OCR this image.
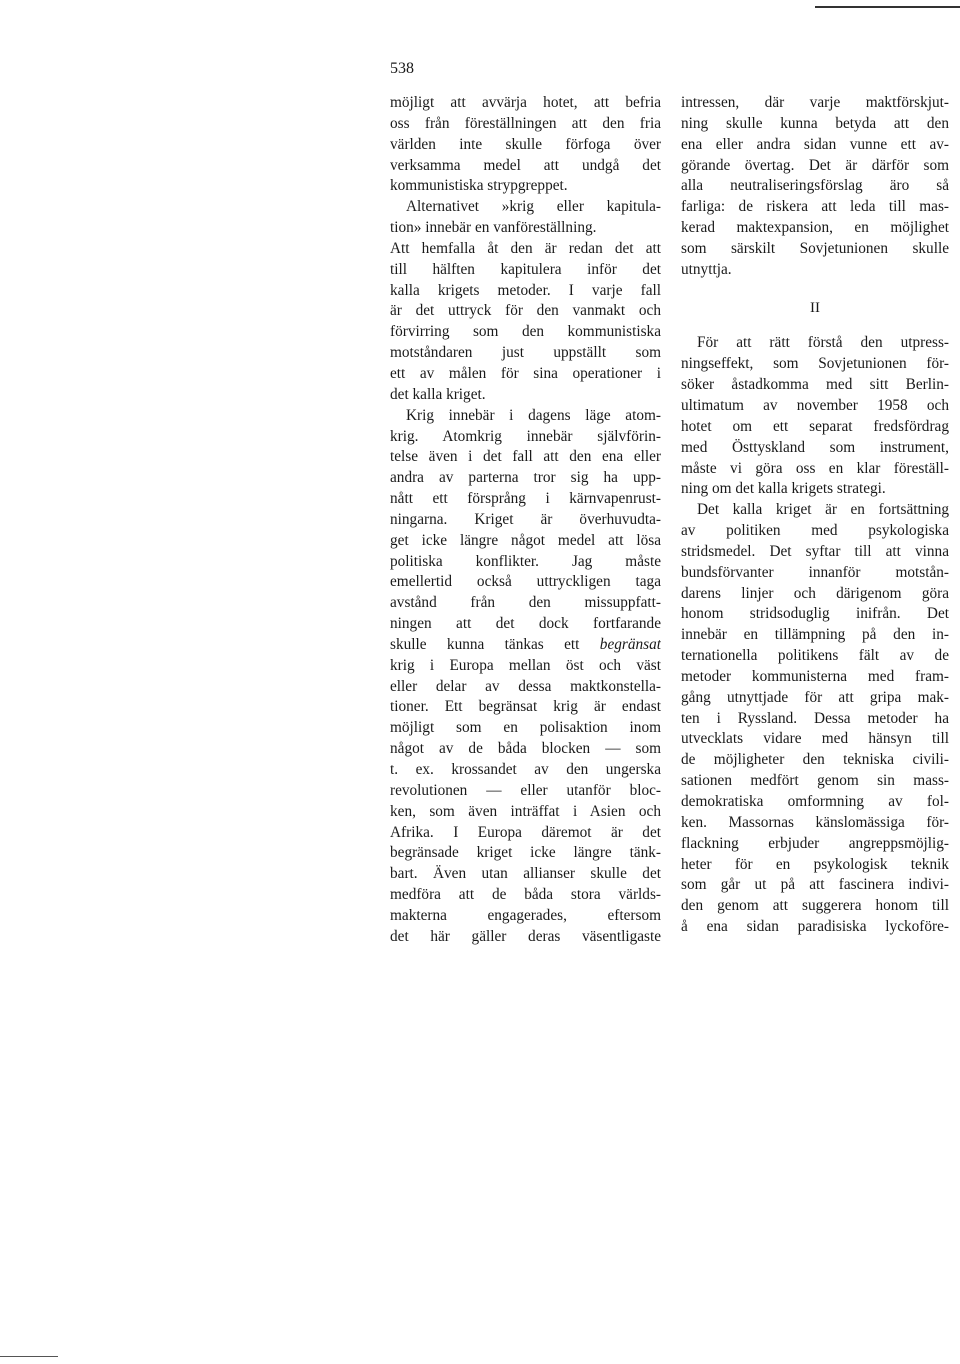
538
möjligt att avvärja hotet, att befria
oss från föreställningen att den fria
världen inte skulle förfoga över
verksamma medel att undgå det
kommunistiska strypgreppet.
Alternativet »krig eller kapitula-
tion» innebär en vanföreställning.
Att hemfalla åt den är redan det att
till hälften kapitulera inför det
kalla krigets metoder. I varje fall
är det uttryck för den vanmakt och
förvirring som den kommunistiska
motståndaren just uppställt som
ett av målen för sina operationer i
det kalla kriget.
Krig innebär i dagens läge atom-
krig. Atomkrig innebär självförin-
telse även i det fall att den ena eller
andra av parterna tror sig ha upp-
nått ett försprång i kärnvapenrust-
ningarna. Kriget är överhuvudta-
get icke längre något medel att lösa
politiska konflikter. Jag måste
emellertid också uttryckligen taga
avstånd från den missuppfatt-
ningen att det dock fortfarande
skulle kunna tänkas ett begränsat
krig i Europa mellan öst och väst
eller delar av dessa maktkonstella-
tioner. Ett begränsat krig är endast
möjligt som en polisaktion inom
något av de båda blocken — som
t. ex. krossandet av den ungerska
revolutionen — eller utanför bloc-
ken, som även inträffat i Asien och
Afrika. I Europa däremot är det
begränsade kriget icke längre tänk-
bart. Även utan allianser skulle det
medföra att de båda stora världs-
makterna engagerades, eftersom
det här gäller deras väsentligaste
intressen, där varje maktförskjut-
ning skulle kunna betyda att den
ena eller andra sidan vunne ett av-
görande övertag. Det är därför som
alla neutraliseringsförslag äro så
farliga: de riskera att leda till mas-
kerad maktexpansion, en möjlighet
som särskilt Sovjetunionen skulle
utnyttja.
II
För att rätt förstå den utpress-
ningseffekt, som Sovjetunionen för-
söker åstadkomma med sitt Berlin-
ultimatum av november 1958 och
hotet om ett separat fredsfördrag
med Östtyskland som instrument,
måste vi göra oss en klar föreställ-
ning om det kalla krigets strategi.
Det kalla kriget är en fortsättning
av politiken med psykologiska
stridsmedel. Det syftar till att vinna
bundsförvanter innanför motstån-
darens linjer och därigenom göra
honom stridsoduglig inifrån. Det
innebär en tillämpning på den in-
ternationella politikens fält av de
metoder kommunisterna med fram-
gång utnyttjade för att gripa mak-
ten i Ryssland. Dessa metoder ha
utvecklats vidare med hänsyn till
de möjligheter den tekniska civili-
sationen medfört genom sin mass-
demokratiska omformning av fol-
ken. Massornas känslomässiga för-
flackning erbjuder angreppsmöjlig-
heter för en psykologisk teknik
som går ut på att fascinera indivi-
den genom att suggerera honom till
å ena sidan paradisiska lyckoföre-
